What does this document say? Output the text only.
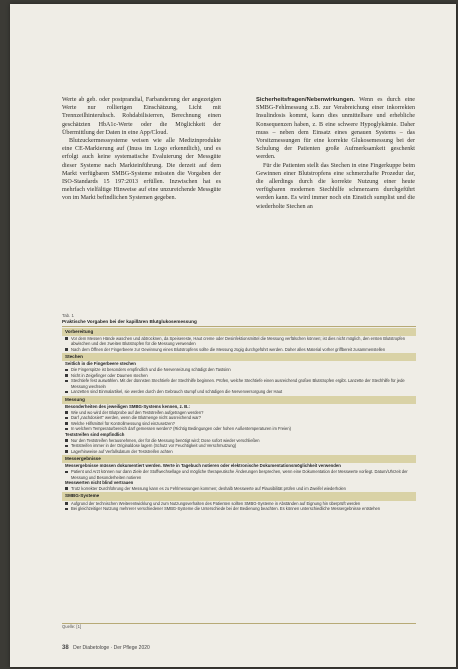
Werte ab geb. oder postprandial, Farbanderung der angezeigten Werte nur rollierigen Einschätzung, Licht mit Trennzeilhinteruhsch. Rohdabilisierren, Berechnung einen geschätzten HbA1c-Werte oder die Möglichkeit der Übermittlung der Daten in eine App/Cloud.

Blutzuckermesssysteme weisen wie alle Medizinprodukte eine CE-Markierung auf (Inuss im Logo erkenntlich), und es erfolgt auch keine systematische Evaluierung der Messgüte dieser Systeme nach Markteinführung. Die derzeit auf dem Markt verfügbaren SMBG-Systeme müssten die Vorgaben der ISO-Standards 15 197:2013 erfüllen. Inzwischen hat es mehrfach vielfältige Hinweise auf eine unzureichende Messgüte von im Markt befindlichen Systemen gegeben.

Sicherheitsfragen/Nebenwirkungen. Wenn es durch eine SMBG-Fehlmessung z.B. zur Verabreichung einer inkorrekten Insulindosis kommt, kann dies unmittelbare und erhebliche Konsequenzen haben, z. B eine schwere Hypoglykämie. Daher muss – neben dem Einsatz eines genauen Systems – das Vorsitzmessungen für eine korrekte Glukosemessung bei der Schulung der Patienten große Aufmerksamkeit geschenkt werden.

Für die Patienten stellt das Stechen in eine Fingerkuppe beim Gewinnen einer Blutstropfens eine schmerzhafte Prozedur dar, die allerdings durch die korrekte Nutzung einer heute verfügbaren modernen Stechhilfe schmerzarm durchgeführt werden kann. Es wird immer noch ein Einstich sumplist und die wiederholte Stechen an

Tab. 1
Praktische Vorgaben bei der kapillären Blutglukosemessung
Vorbereitung
Vor dem Messen Hände waschen und abtrocknen, da Speisereste, Haut creme oder Desinfektionsmittel die Messung verfälschen können; ist dies nicht möglich, den ersten Blutstropfen abwischen und den zweiten Blutstropfen für die Messung verwenden
Nach dem Öffnen der Fingerbeere zur Gewinnung eines Blutstropfens sollte die Messung zügig durchgeführt werden. Daher alles Material vorher griffbereit zusammenstellen
Stechen
Seitlich in die Fingerbeere stechen
Die Fingerspitze ist besonders empfindlich und die Nervenreizung schädigt den Tastsinn
Nicht in Zeigefinger oder Daumen stechen
Stechtiefe fest auswählen. Mit der dünnsten Stechtiefe der Stechhilfe beginnen. Prüfen, welche Stechtiefe einen ausreichend großen Blutstropfen ergibt. Lanzette der Stechhilfe für jede Messung wechseln
Lanzetten sind Einmalartikel, sie werden durch den Gebrauch stumpf und schädigen die Nervenversorgung der Haut
Messung
Besonderheiten des jeweiligen SMBG-Systems kennen, z. B.:
Wie und wo wird der Blutprobe auf den Teststreifen aufgetragen werden?
Darf „nachdosiert" werden, wenn die Blutmenge nicht ausreichend war?
Welche Hilfsmittel für Kontrollmessung sind einzusetzen?
In welchem Temperaturbereich darf gemessen werden? (Richtig Bedingungen oder hohen Außentemperaturen im Freien)
Teststreifen sind empfindlich
Nur den Teststreifen herausnehmen, der für die Messung benötigt wird; Dose sofort wieder verschließen
Teststreifen immer in der Originaldose lagern (Schutz vor Feuchtigkeit und Verschmutzung)
Lagerhinweise auf Verfallsdatum der Teststreifen achten
Messergebnisse
Messergebnisse müssen dokumentiert werden. Werte in Tagebuch notieren oder elektronische Dokumentationsmöglichkeit verwenden
Patient und Arzt können nur dann Ziele der Stoffwechsellage und mögliche therapeutische Änderungen besprechen, wenn eine Dokumentation der Messwerte vorliegt. Datum/Uhrzeit der Messung und Besonderheiten notieren
Messwerten nicht blind vertrauen
Trotz korrekter Durchführung der Messung kann es zu Fehlmessungen kommen; deshalb Messwerte auf Plausibilität prüfen und im Zweifel wiederholen
SMBG-Systeme
Aufgrund der technischen Weiterentwicklung und zum Nutzungsverhalten des Patienten sollten SMBG-Systeme in Abständen auf Eignung hin überprüft werden
Bei gleichzeitiger Nutzung mehrerer verschiedener SMBG-Systeme die Unterschiede bei der Bedienung beachten. Es können unterschiedliche Messergebnisse entstehen
Quelle: [1]
38 Der Diabetologe · Der Pflege 2020
